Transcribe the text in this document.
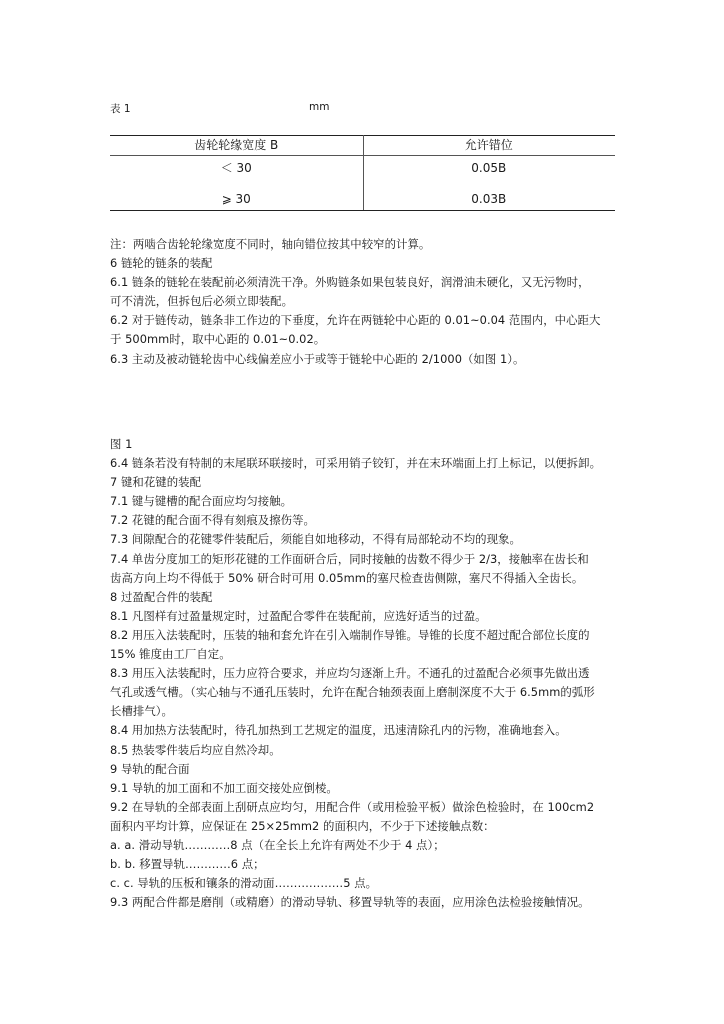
表 1	mm
齿轮轮缘宽度 B	允许错位
＜ 30	0.05B
⩾ 30	0.03B
注：两啮合齿轮轮缘宽度不同时，轴向错位按其中较窄的计算。
6 链轮的链条的装配
6.1 链条的链轮在装配前必须清洗干净。外购链条如果包装良好，润滑油未硬化，又无污物时，
可不清洗，但拆包后必须立即装配。
6.2 对于链传动，链条非工作边的下垂度，允许在两链轮中心距的 0.01~0.04 范围内，中心距大
于 500mm时，取中心距的 0.01~0.02。
6.3 主动及被动链轮齿中心线偏差应小于或等于链轮中心距的 2/1000（如图 1）。
图 1
6.4 链条若没有特制的末尾联环联接时，可采用销子铰钉，并在末环端面上打上标记，以便拆卸。
7 键和花键的装配
7.1 键与键槽的配合面应均匀接触。
7.2 花键的配合面不得有刻痕及擦伤等。
7.3 间隙配合的花键零件装配后，须能自如地移动，不得有局部轮动不均的现象。
7.4 单齿分度加工的矩形花键的工作面研合后，同时接触的齿数不得少于 2/3，接触率在齿长和
齿高方向上均不得低于 50% 研合时可用 0.05mm的塞尺检查齿侧隙，塞尺不得插入全齿长。
8 过盈配合件的装配
8.1 凡图样有过盈量规定时，过盈配合零件在装配前，应选好适当的过盈。
8.2 用压入法装配时，压装的轴和套允许在引入端制作导锥。导锥的长度不超过配合部位长度的
15% 锥度由工厂自定。
8.3 用压入法装配时，压力应符合要求，并应均匀逐渐上升。不通孔的过盈配合必须事先做出透
气孔或透气槽。（实心轴与不通孔压装时，允许在配合轴颈表面上磨制深度不大于 6.5mm的弧形
长槽排气）。
8.4 用加热方法装配时，待孔加热到工艺规定的温度，迅速清除孔内的污物，准确地套入。
8.5 热装零件装后均应自然冷却。
9 导轨的配合面
9.1 导轨的加工面和不加工面交接处应倒棱。
9.2 在导轨的全部表面上刮研点应均匀，用配合件（或用检验平板）做涂色检验时，在 100cm2
面积内平均计算，应保证在 25×25mm2 的面积内，不少于下述接触点数：
a. a. 滑动导轨…………8 点（在全长上允许有两处不少于 4 点）；
b. b. 移置导轨…………6 点；
c. c. 导轨的压板和镶条的滑动面………………5 点。
9.3 两配合件都是磨削（或精磨）的滑动导轨、移置导轨等的表面，应用涂色法检验接触情况。
